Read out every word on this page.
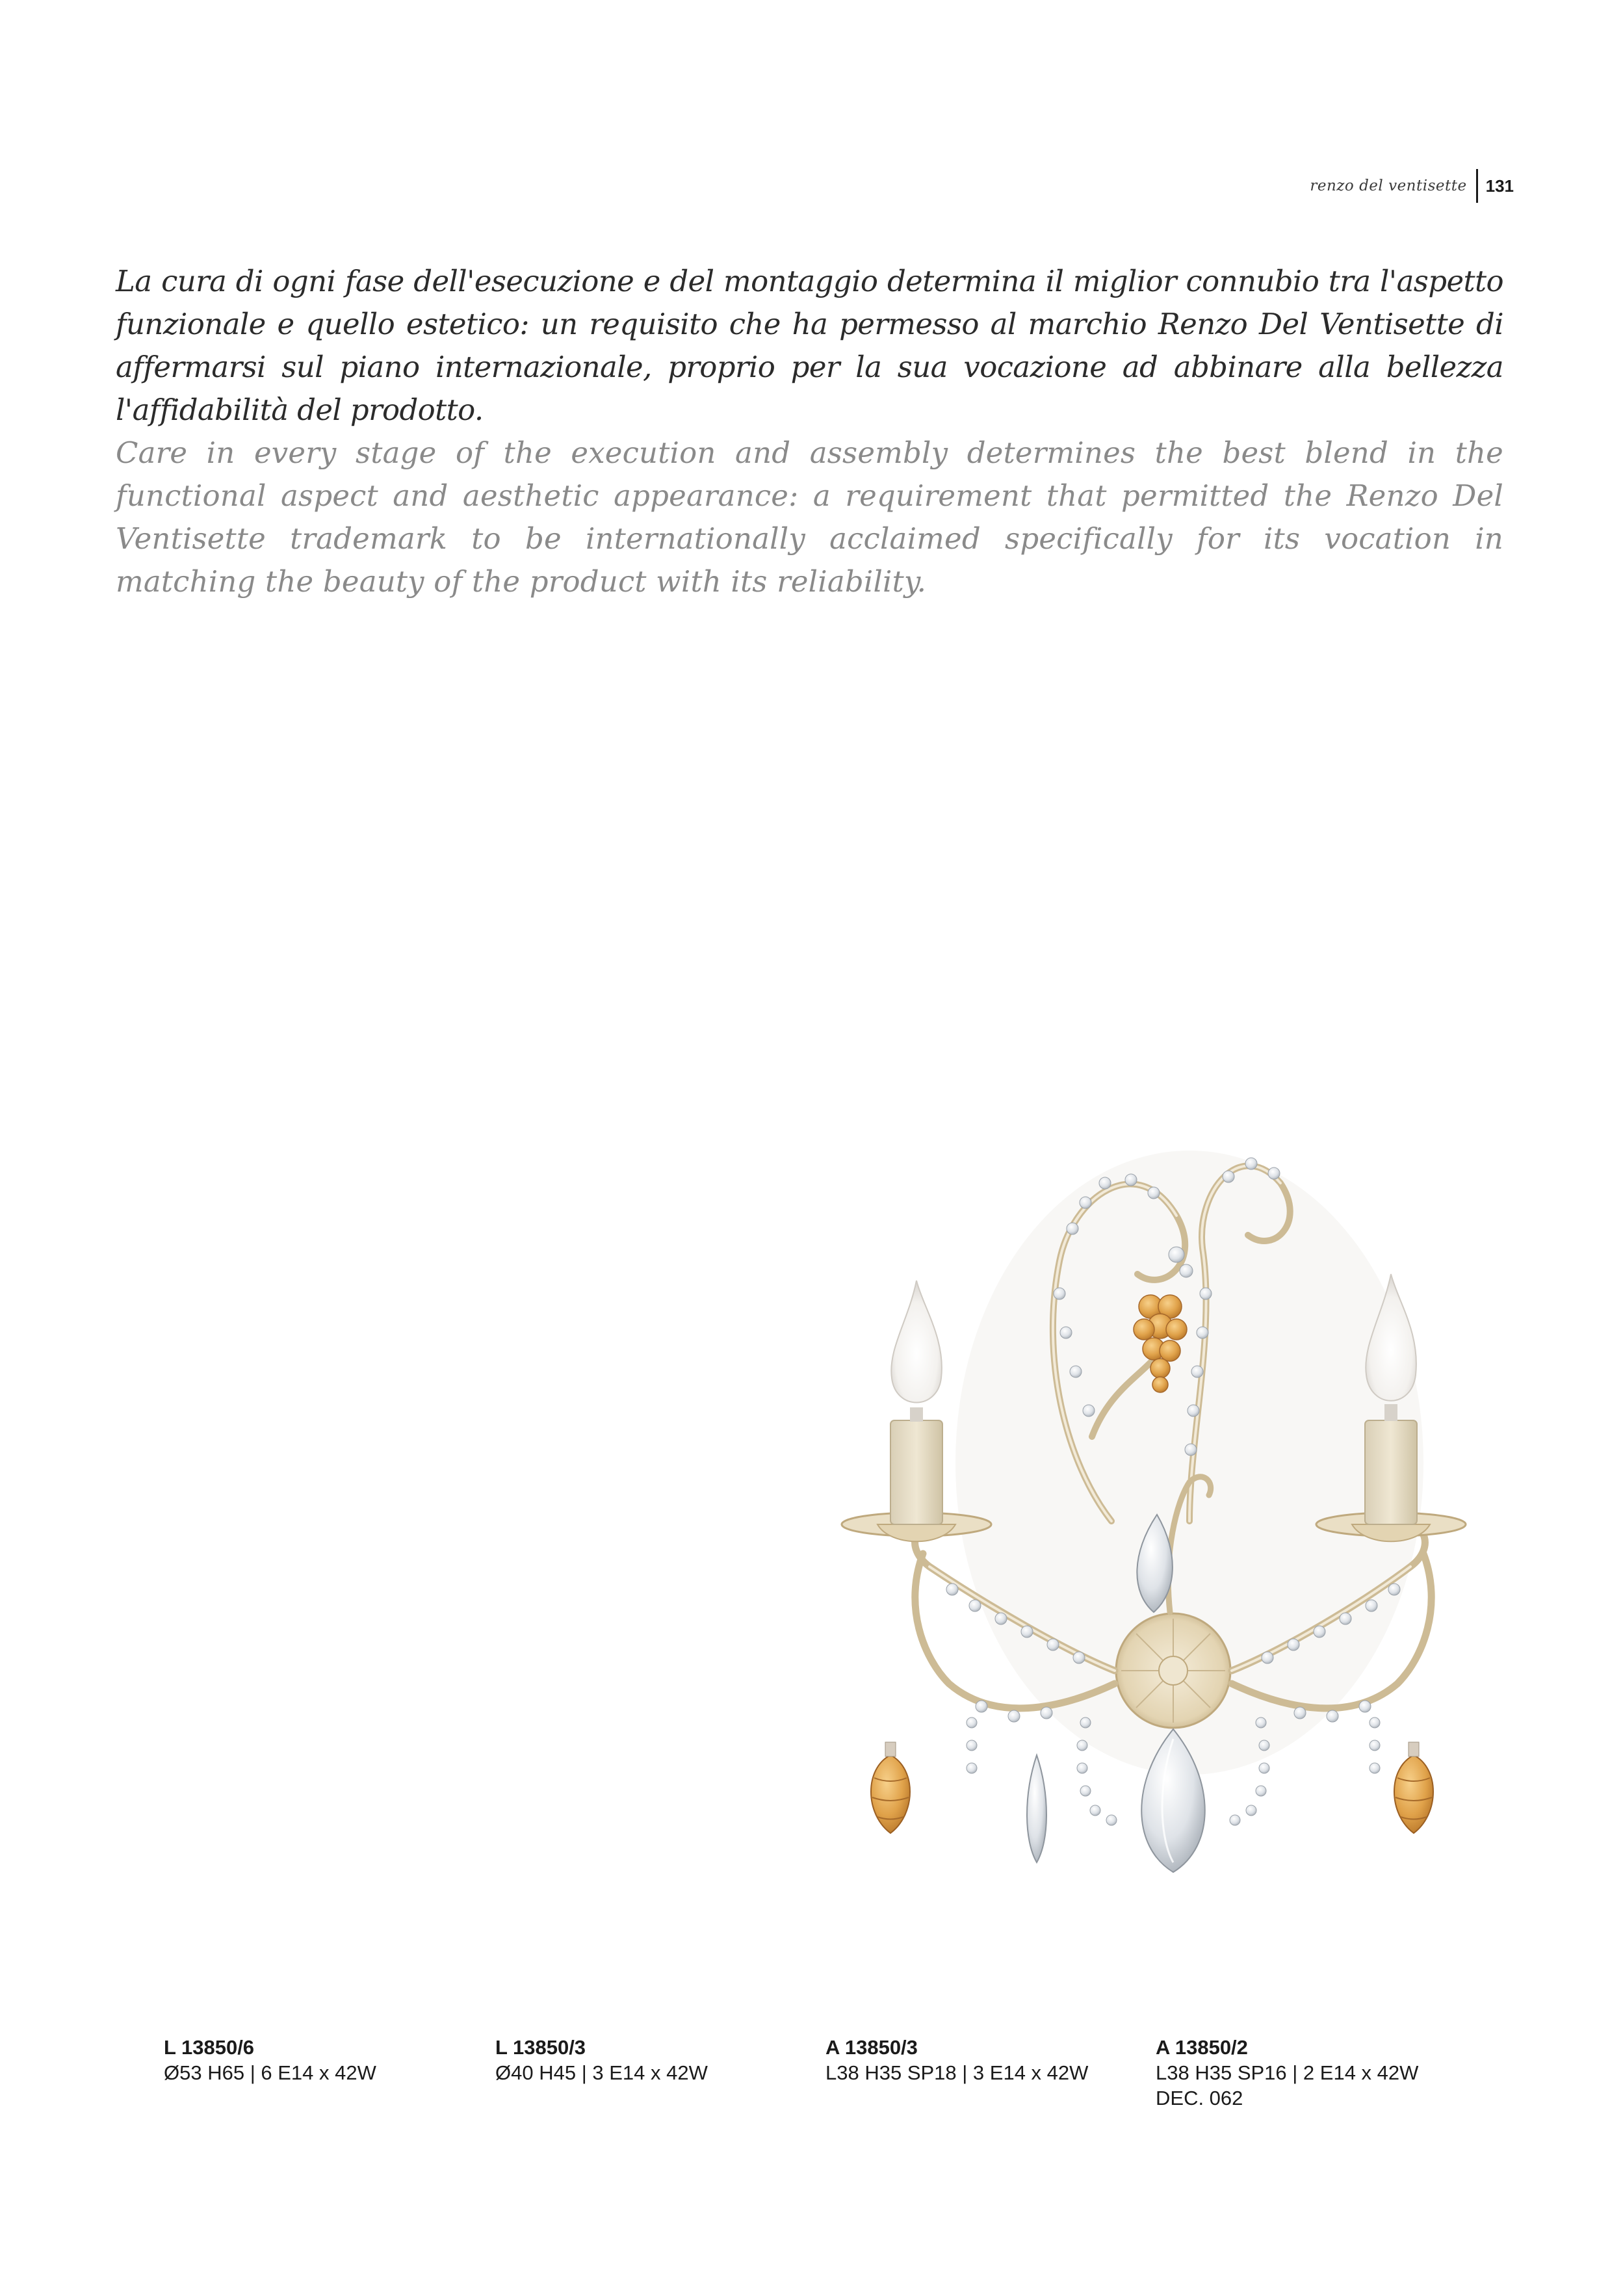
renzo del ventisette 131

La cura di ogni fase dell'esecuzione e del montaggio determina il miglior connubio tra l'aspetto funzionale e quello estetico: un requisito che ha permesso al marchio Renzo Del Ventisette di affermarsi sul piano internazionale, proprio per la sua vocazione ad abbinare alla bellezza l'affidabilità del prodotto.

Care in every stage of the execution and assembly determines the best blend in the functional aspect and aesthetic appearance: a requirement that permitted the Renzo Del Ventisette trademark to be internationally acclaimed specifically for its vocation in matching the beauty of the product with its reliability.

L 13850/6
Ø53 H65 | 6 E14 x 42W
L 13850/3
Ø40 H45 | 3 E14 x 42W
A 13850/3
L38 H35 SP18 | 3 E14 x 42W
A 13850/2
L38 H35 SP16 | 2 E14 x 42W
DEC. 062
